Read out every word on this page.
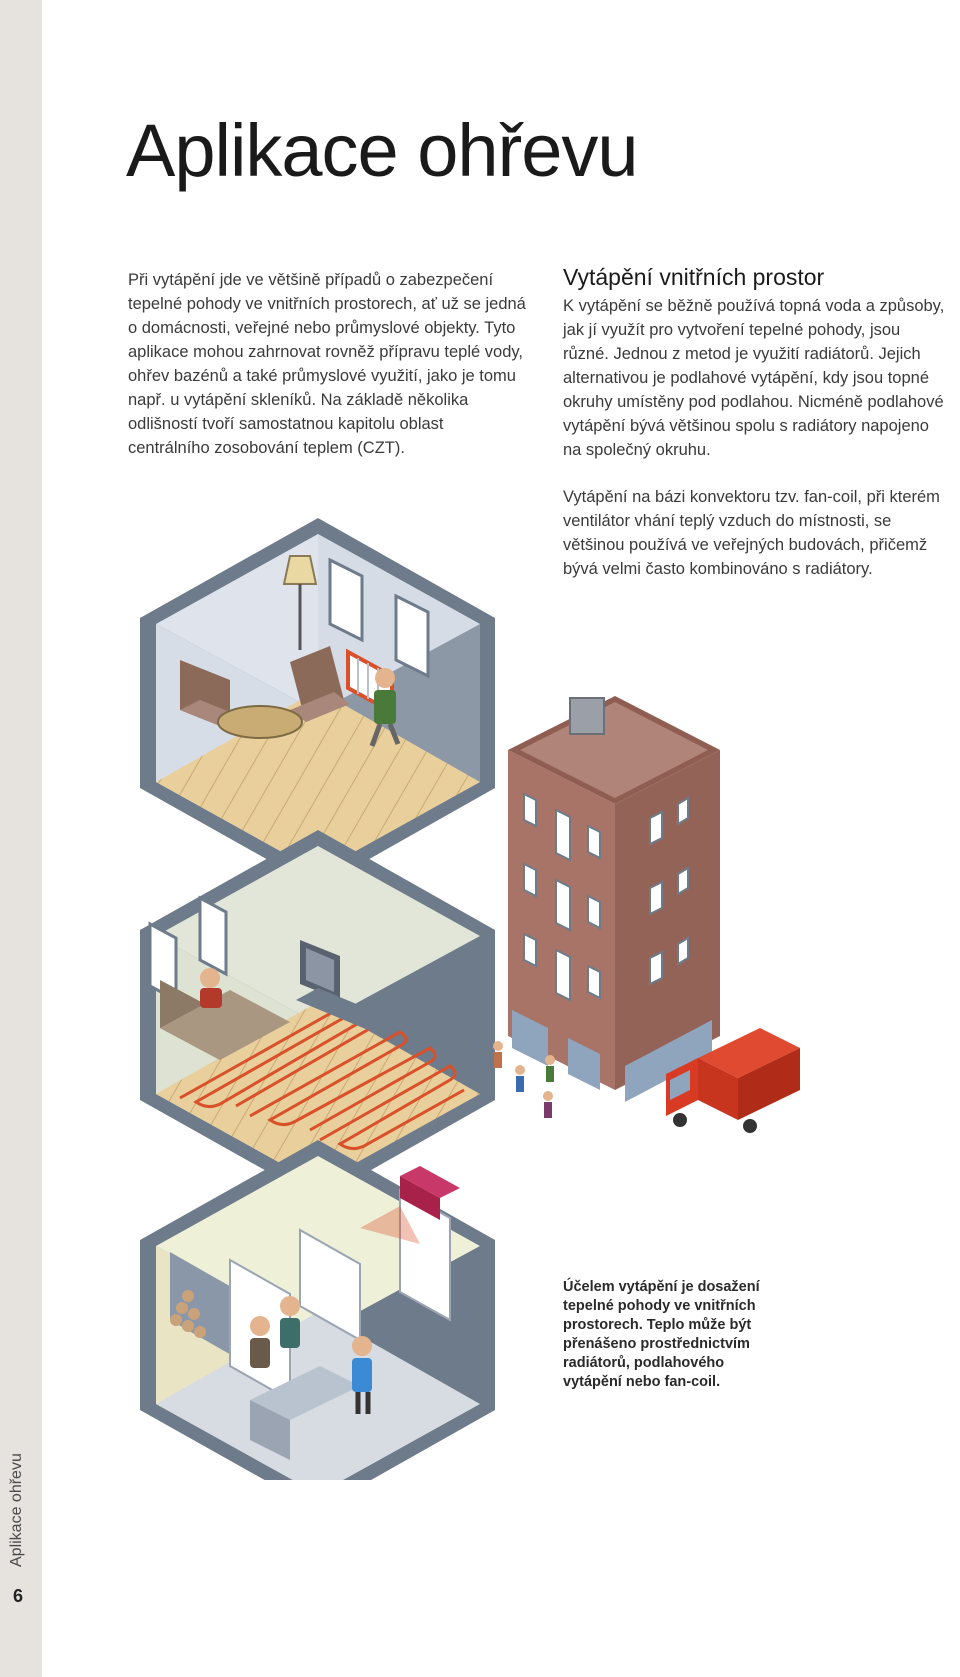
Aplikace ohřevu
6
Aplikace ohřevu

Při vytápění jde ve většině případů o zabezpečení tepelné pohody ve vnitřních prostorech, ať už se jedná o domácnosti, veřejné nebo průmyslové objekty. Tyto aplikace mohou zahrnovat rovněž přípravu teplé vody, ohřev bazénů a také průmyslové využití, jako je tomu např. u vytápění skleníků. Na základě několika odlišností tvoří samostatnou kapitolu oblast centrálního zosobování teplem (CZT).

Vytápění vnitřních prostor

K vytápění se běžně používá topná voda a způsoby, jak jí využít pro vytvoření tepelné pohody, jsou různé. Jednou z metod je využití radiátorů. Jejich alternativou je podlahové vytápění, kdy jsou topné okruhy umístěny pod podlahou. Nicméně podlahové vytápění bývá většinou spolu s radiátory napojeno na společný okruhu.

Vytápění na bázi konvektoru tzv. fan-coil, při kterém ventilátor vhání teplý vzduch do místnosti, se většinou používá ve veřejných budovách, přičemž bývá velmi často kombinováno s radiátory.

Účelem vytápění je dosažení tepelné pohody ve vnitřních prostorech. Teplo může být přenášeno prostřednictvím radiátorů, podlahového vytápění nebo fan-coil.
